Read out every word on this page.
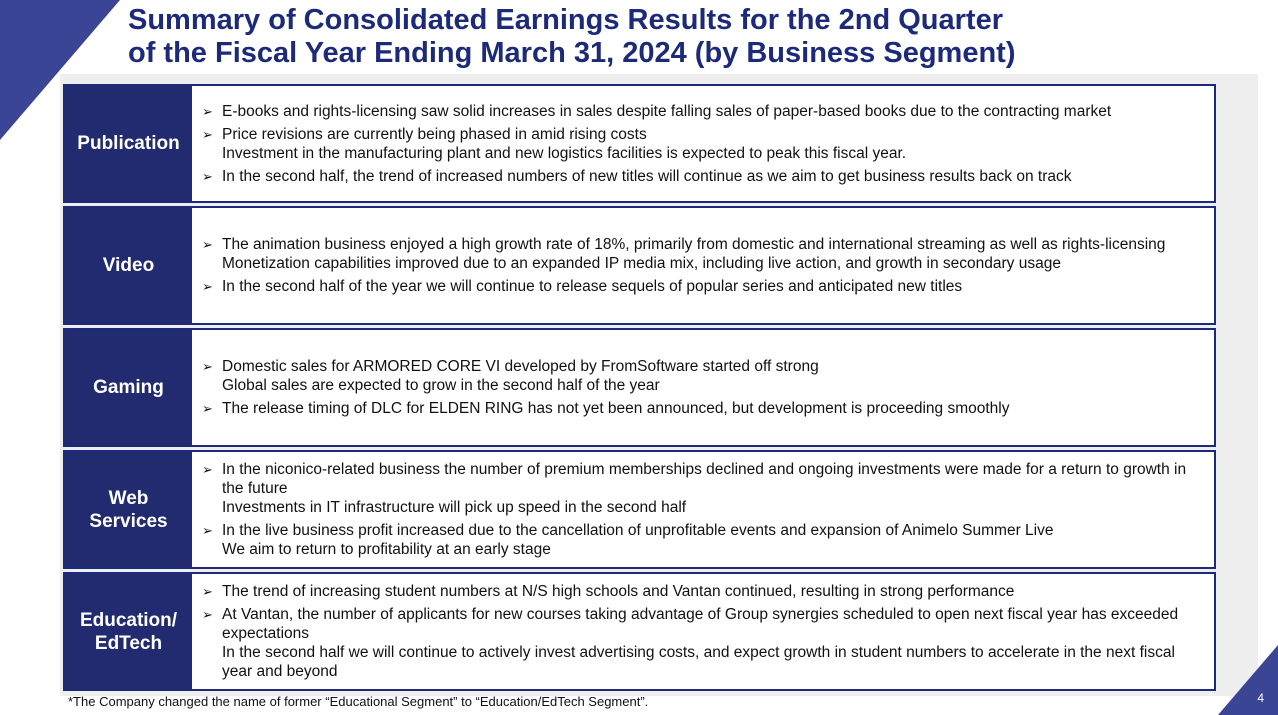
Summary of Consolidated Earnings Results for the 2nd Quarter
of the Fiscal Year Ending March 31, 2024 (by Business Segment)
Publication
➢ E-books and rights-licensing saw solid increases in sales despite falling sales of paper-based books due to the contracting market
➢ Price revisions are currently being phased in amid rising costs
Investment in the manufacturing plant and new logistics facilities is expected to peak this fiscal year.
➢ In the second half, the trend of increased numbers of new titles will continue as we aim to get business results back on track
Video
➢ The animation business enjoyed a high growth rate of 18%, primarily from domestic and international streaming as well as rights-licensing
Monetization capabilities improved due to an expanded IP media mix, including live action, and growth in secondary usage
➢ In the second half of the year we will continue to release sequels of popular series and anticipated new titles
Gaming
➢ Domestic sales for ARMORED CORE VI developed by FromSoftware started off strong
Global sales are expected to grow in the second half of the year
➢ The release timing of DLC for ELDEN RING has not yet been announced, but development is proceeding smoothly
Web
Services
➢ In the niconico-related business the number of premium memberships declined and ongoing investments were made for a return to growth in the future
Investments in IT infrastructure will pick up speed in the second half
➢ In the live business profit increased due to the cancellation of unprofitable events and expansion of Animelo Summer Live
We aim to return to profitability at an early stage
Education/
EdTech
➢ The trend of increasing student numbers at N/S high schools and Vantan continued, resulting in strong performance
➢ At Vantan, the number of applicants for new courses taking advantage of Group synergies scheduled to open next fiscal year has exceeded expectations
In the second half we will continue to actively invest advertising costs, and expect growth in student numbers to accelerate in the next fiscal year and beyond
*The Company changed the name of former “Educational Segment” to “Education/EdTech Segment”.	4
